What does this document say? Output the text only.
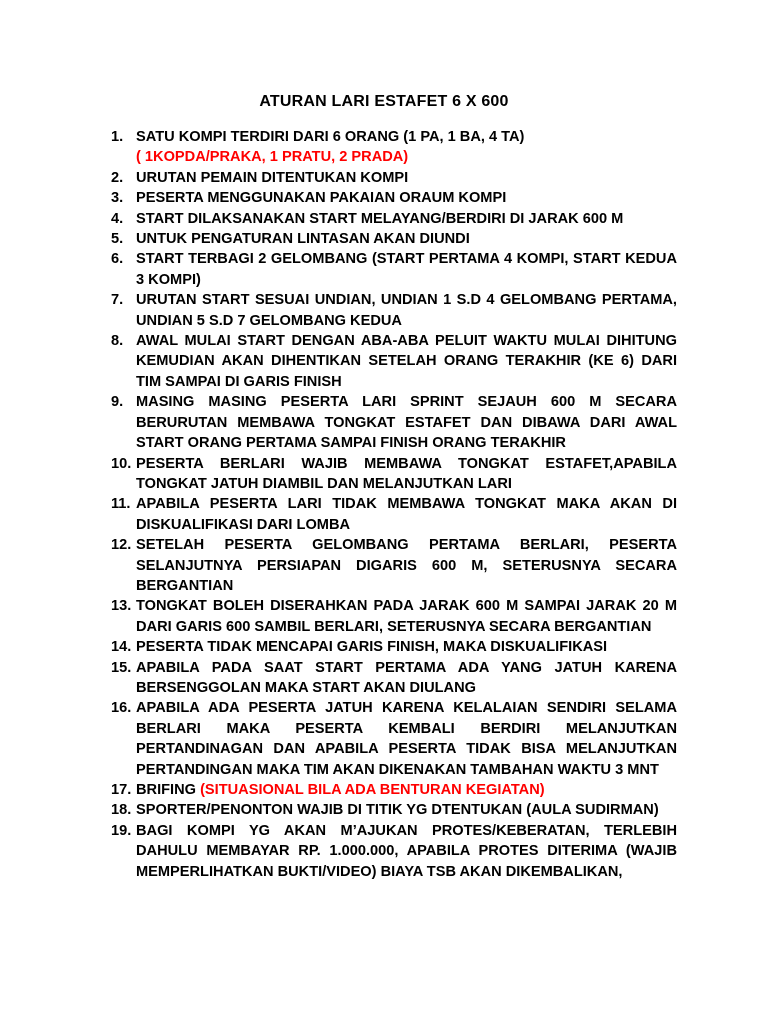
ATURAN LARI ESTAFET 6 X 600
1. SATU KOMPI TERDIRI DARI 6 ORANG (1 PA, 1 BA, 4 TA)
( 1KOPDA/PRAKA, 1 PRATU, 2 PRADA)
2. URUTAN PEMAIN DITENTUKAN KOMPI
3. PESERTA MENGGUNAKAN PAKAIAN ORAUM KOMPI
4. START DILAKSANAKAN START MELAYANG/BERDIRI DI JARAK 600 M
5. UNTUK PENGATURAN LINTASAN AKAN DIUNDI
6. START TERBAGI 2 GELOMBANG (START PERTAMA 4 KOMPI, START KEDUA 3 KOMPI)
7. URUTAN START SESUAI UNDIAN, UNDIAN 1 S.D 4 GELOMBANG PERTAMA, UNDIAN 5 S.D 7 GELOMBANG KEDUA
8. AWAL MULAI START DENGAN ABA-ABA PELUIT WAKTU MULAI DIHITUNG KEMUDIAN AKAN DIHENTIKAN SETELAH ORANG TERAKHIR (KE 6) DARI TIM SAMPAI DI GARIS FINISH
9. MASING MASING PESERTA LARI SPRINT SEJAUH 600 M SECARA BERURUTAN MEMBAWA TONGKAT ESTAFET DAN DIBAWA DARI AWAL START ORANG PERTAMA SAMPAI FINISH ORANG TERAKHIR
10. PESERTA BERLARI WAJIB MEMBAWA TONGKAT ESTAFET,APABILA TONGKAT JATUH DIAMBIL DAN MELANJUTKAN LARI
11. APABILA PESERTA LARI TIDAK MEMBAWA TONGKAT MAKA AKAN DI DISKUALIFIKASI DARI LOMBA
12. SETELAH PESERTA GELOMBANG PERTAMA BERLARI, PESERTA SELANJUTNYA PERSIAPAN DIGARIS 600 M, SETERUSNYA SECARA BERGANTIAN
13. TONGKAT BOLEH DISERAHKAN PADA JARAK 600 M SAMPAI JARAK 20 M DARI GARIS 600 SAMBIL BERLARI, SETERUSNYA SECARA BERGANTIAN
14. PESERTA TIDAK MENCAPAI GARIS FINISH, MAKA DISKUALIFIKASI
15. APABILA PADA SAAT START PERTAMA ADA YANG JATUH KARENA BERSENGGOLAN MAKA START AKAN DIULANG
16. APABILA ADA PESERTA JATUH KARENA KELALAIAN SENDIRI SELAMA BERLARI MAKA PESERTA KEMBALI BERDIRI MELANJUTKAN PERTANDINAGAN DAN APABILA PESERTA TIDAK BISA MELANJUTKAN PERTANDINGAN MAKA TIM AKAN DIKENAKAN TAMBAHAN WAKTU 3 MNT
17. BRIFING (SITUASIONAL BILA ADA BENTURAN KEGIATAN)
18. SPORTER/PENONTON WAJIB DI TITIK YG DTENTUKAN (AULA SUDIRMAN)
19. BAGI KOMPI YG AKAN M’AJUKAN PROTES/KEBERATAN, TERLEBIH DAHULU MEMBAYAR RP. 1.000.000, APABILA PROTES DITERIMA (WAJIB MEMPERLIHATKAN BUKTI/VIDEO) BIAYA TSB AKAN DIKEMBALIKAN,
